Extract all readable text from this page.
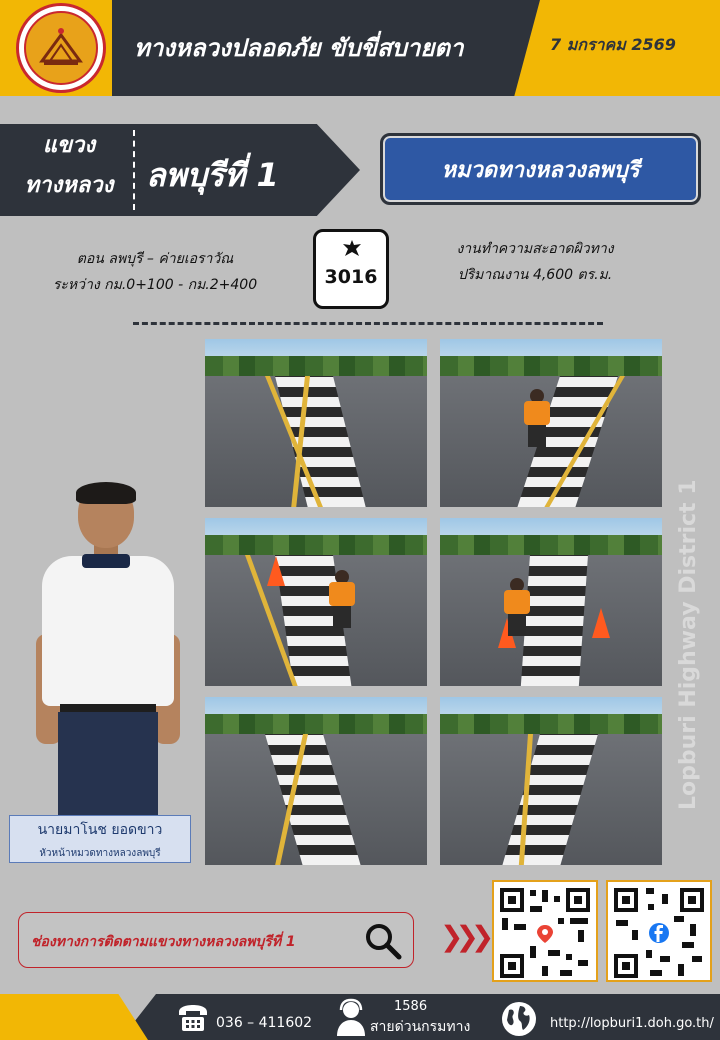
ทางหลวงปลอดภัย ขับขี่สบายตา	7 มกราคม 2569
แขวง
ทางหลวง	ลพบุรีที่ 1	หมวดทางหลวงลพบุรี
ตอน ลพบุรี – ค่ายเอราวัณ
ระหว่าง กม.0+100 - กม.2+400	3016
งานทำความสะอาดผิวทาง
ปริมาณงาน 4,600 ตร.ม.
นายมาโนช ยอดขาว
หัวหน้าหมวดทางหลวงลพบุรี
Lopburi Highway District 1
ช่องทางการติดตามแขวงทางหลวงลพบุรีที่ 1	❯❯❯
036 – 411602
1586
สายด่วนกรมทาง	http://lopburi1.doh.go.th/
